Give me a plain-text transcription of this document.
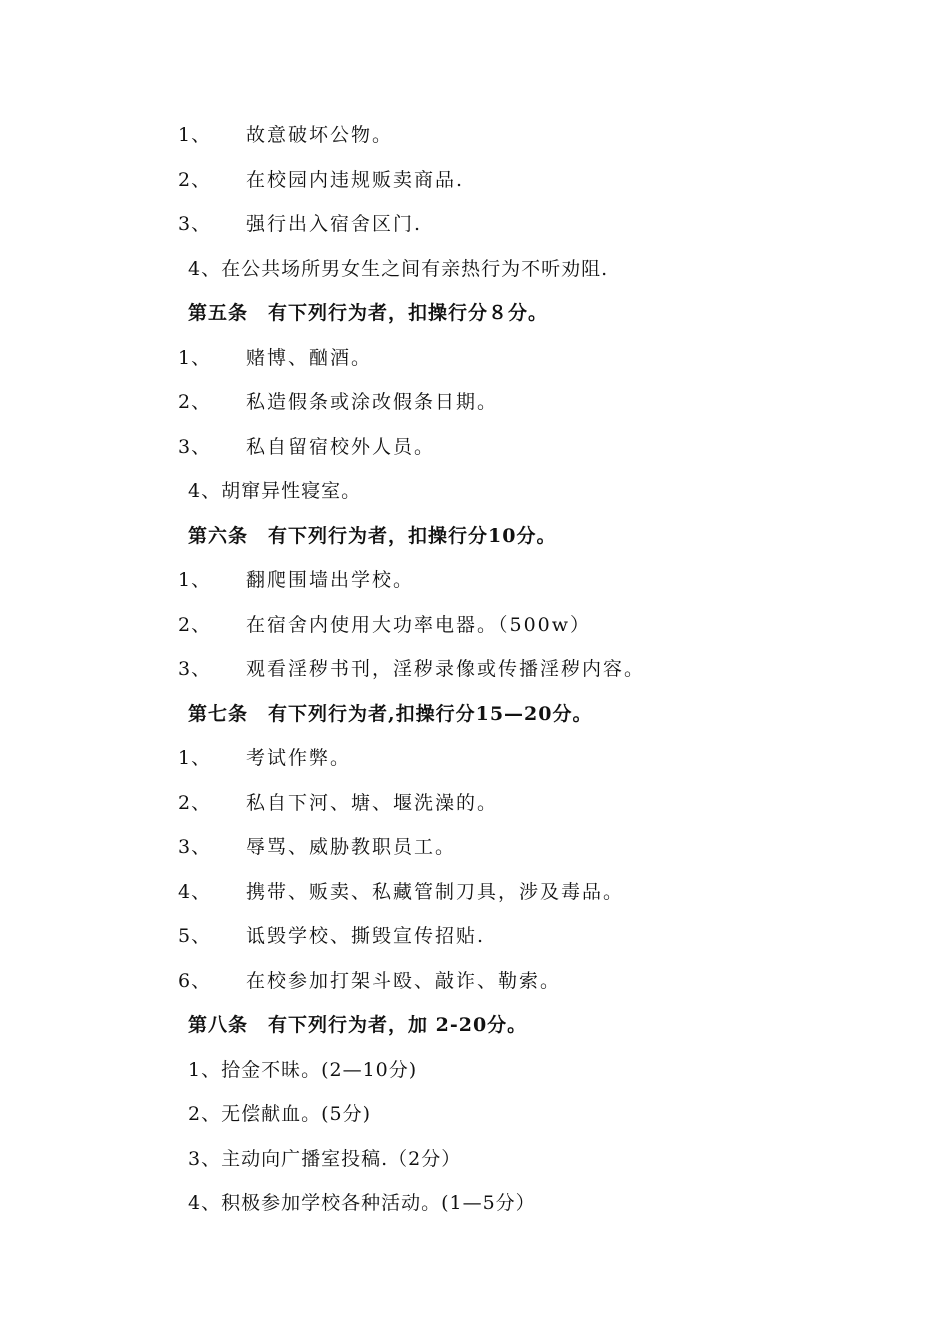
1、 故意破坏公物。
2、 在校园内违规贩卖商品.
3、 强行出入宿舍区门.
4、在公共场所男女生之间有亲热行为不听劝阻.
第五条　有下列行为者，扣操行分８分。
1、 赌博、酗酒。
2、 私造假条或涂改假条日期。
3、 私自留宿校外人员。
4、胡窜异性寝室。
第六条　有下列行为者，扣操行分10分。
1、 翻爬围墙出学校。
2、 在宿舍内使用大功率电器。（500w）
3、 观看淫秽书刊，淫秽录像或传播淫秽内容。
第七条　有下列行为者,扣操行分15—20分。
1、 考试作弊。
2、 私自下河、塘、堰洗澡的。
3、 辱骂、威胁教职员工。
4、 携带、贩卖、私藏管制刀具，涉及毒品。
5、 诋毁学校、撕毁宣传招贴.
6、 在校参加打架斗殴、敲诈、勒索。
第八条　有下列行为者，加 2-20分。
1、拾金不昧。(2—10分)
2、无偿献血。(5分)
3、主动向广播室投稿.（2分）
4、积极参加学校各种活动。(1—5分）
